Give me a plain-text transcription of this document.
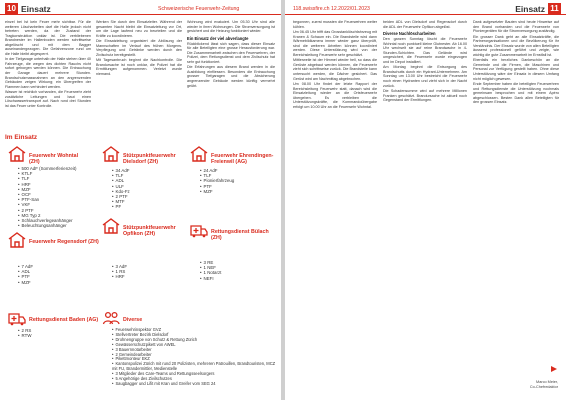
10 Einsatz	Schweizerische Feuerwehr-Zeitung

einzel bei Ist kein Feuer mehr sichtbar. Für die weiteren Löscharbeiten darf die Halle jedoch nicht betreten werden, da der Zustand der Tragkonstruktion unklar ist. Die verbliebenen Brandnester im Hallenboden werden schrittweise abgelöscht und mit dem Bagger auseinandergezogen. Die Gefahrenzone rund um die Halle bleibt abgesperrt.

In der Tiefgarage unterhalb der Halle stehen über 40 Fahrzeuge, die wegen des dichten Rauchs nicht sofort geborgen werden können. Die Entrauchung der Garage dauert mehrere Stunden. Brandschutzmassnahmen an den angrenzenden Gebäuden zeigen Wirkung; ein Übergreifen der Flammen kann verhindert werden.

Wasser ist reichlich vorhanden, die Feuerwehr zieht zusätzliche Leitungen und baut einen Löschwassertransport auf. Nach rund drei Stunden ist das Feuer unter Kontrolle.

Werken Sie durch den Einsatzleiter. Während der gesamten Nacht bleibt die Einsatzleitung vor Ort, um die Lage laufend neu zu beurteilen und die Kräfte zu koordinieren.

Die Einsatzleitung organisiert die Ablösung der Mannschaften im Verlauf des frühen Morgens. Verpflegung und Getränke werden durch den Zivilschutz bereitgestellt.

Mit Tagesanbruch beginnt die Nachkontrolle. Die Brandursache ist noch unklar, die Polizei hat die Ermittlungen aufgenommen. Verletzt wurde niemand.

Wohnung wird evakuiert. Um 05.30 Uhr sind alle wieder in ihren Wohnungen. Die Stromversorgung ist gesichert und die Heizung funktioniert wieder.

Ein Einsatz der viel abverlangte

Rückblickend lässt sich sagen, dass dieser Einsatz für alle Beteiligten eine grosse Herausforderung war. Die Zusammenarbeit zwischen den Feuerwehren, der Polizei, dem Rettungsdienst und dem Zivilschutz hat sehr gut funktioniert.

Die Erfahrungen aus diesem Brand werden in die Ausbildung einfliessen. Besonders die Entrauchung grosser Tiefgaragen und die Absicherung angrenzender Gebäude werden künftig vermehrt geübt.

Im Einsatz
Feuerwehr Wohntal (ZH)
• 500 AdF (Sommerferienzeit)
• KTLF
• TLF
• HRF
• MZF
• OCF
• PTF-San
• VKF
• 2 PTF
• MG Typ 2
• Schlauchverlegeanhänger
• Beleuchtungsanhänger
Stützpunktfeuerwehr Dielsdorf (ZH)
• 34 AdF
• TLF
• ADL
• ULF
• Kdo-Fz
• 2 PTF
• MTF
• PF
Feuerwehr Ehrendingen-Freienwil (AG)
• 24 AdF
• TLF
• Pionierfahrzeug
• PTF
• MZF
Feuerwehr Regensdorf (ZH)
• 7 AdF
• ADL
• PTF
• MZF
Stützpunktfeuerwehr Opfikon (ZH)
• 3 AdF
• 1 RS
• HRF
Rettungsdienst Bülach (ZH)
• 3 RE
• 1 NEF
• 1 Notarzt
• NEFI
Rettungsdienst Baden (AG)
• 2 RS
• RTW
Diverse
• Feuerwehrinspektor GVZ
• Stellvertreter Bezirk Dielsdorf
• Drohnengruppe von Schutz & Rettung Zürich
• Gewässerschutzpikett von AWEL
• 3 Bauernnotarbeiter
• 2 Gemeindearbeiter
• Pikettmonteur EKZ
• Kantonspolizei Zürich mit rund 20 Polizisten, mehreren Patrouillen, Brandtouristen, MCZ mit FU, Brandermittler, Medienstelle
• 3 Mitglieder des Care-Teams und Rettungsseelsorgers
• 5 Angehörige des Zivilschutzes
• Saugbagger und Lifit mit Kran und Greifer vom SEG 24
118.swissfire.ch 12.2022/01.2023	Einsatz 11

begonnen, zuerst mussten die Feuerwehren weiter kühlen.

Um 06.45 Uhr trifft das Grosstanklöschfahrzeug mit Kranen & Schaum ein. Die Brandstelle wird dann Wärmebildkamera immer wieder ganz überprüft, sind die weiteren Arbeiten können koordiniert werden. Diese Unterstützung wird von der Bereichsleitung Feuerwehr sehr geschätzt.

Mittlerweile ist der Himmel wieder hell, so dass die Gerüste abgebaut werden können, die Feuerwehr zieht sich schrittweise zurück. Die Brandstelle kann untersucht werden, die Dächer gesichert. Das Gerüst wird am Nachmittag abgebrochen.

Um 08.00 Uhr findet der letzte Rapport der Bereichsleitung Feuerwehr statt, danach wird die Einsatzleitung wieder an die Ortsfeuerwehr übergeben. Es verbleiben die Unterstützungskräfte, die Kommandoübergabe erfolgt um 10.00 Uhr an die Feuerwehr Wohntal.

beiden ADL von Dielsdorf und Regensdorf durch die ADL der Feuerwehr Opfikon abgelöst.

Diverse Nachlöscharbeiten

Den ganzen Sonntag löscht die Feuerwehr Wohntal noch punktuell kleine Glutnester. Ab 16.00 Uhr wechselt sie auf reine Brandwache in 4-Stunden-Schichten. Das Gelände wird umgesichert, die Feuerwehr wurde eingezogen und im Depot installiert.

Am Montag beginnt die Entsorgung des Brandschutts durch ein Hydrant-Unternehmen. Am Sonntag um 13.00 Uhr bestreicht die Feuerwehr noch einen Hydranten und zieht sich in der Nacht zurück.

Die Schadensumme wird auf mehrere Millionen Franken geschätzt. Brandursache ist aktuell noch Gegenstand der Ermittlungen.

Dank aufgesetzter Bauten sind heute Hinweise auf den Brand vorhanden und die Feuerwehr von Pioniergeräten für die Stromversorgung zuständig.

Ein grosser Dank geht an alle Einsatzkräfte, die Partnerorganisationen und die Bevölkerung für ihr Verständnis. Der Einsatz wurde von allen Beteiligten äusserst professionell geführt und zeigte, wie wichtig die gute Zusammenarbeit im Ernstfall ist.

Ebenfalls ein herzliches Dankeschön an die Gemeinde und die Firmen, die Maschinen und Personal zur Verfügung gestellt haben. Ohne diese Unterstützung wäre der Einsatz in diesem Umfang nicht möglich gewesen.

Ende September haben die beteiligten Feuerwehren und Rettungsdienste die Unterstützung nochmals gemeinsam besprochen und mit einem Apéro abgeschlossen. Besten Dank allen Beteiligten für den grossen Einsatz.

Marco Meier,
Co-Chefredaktor
